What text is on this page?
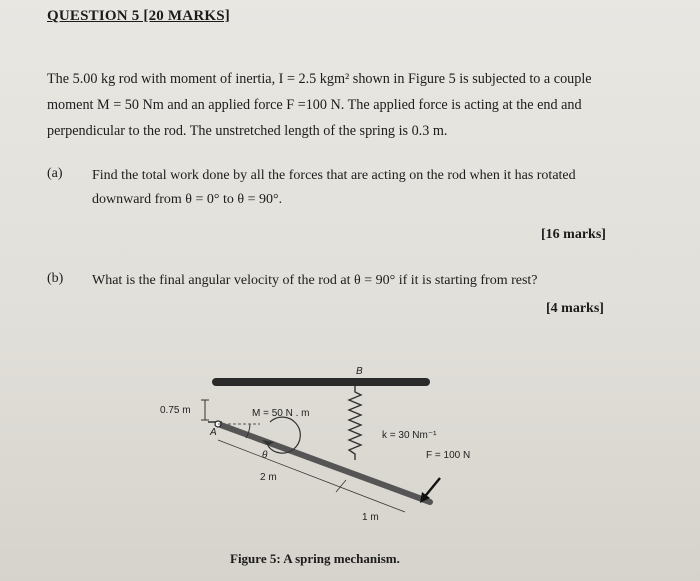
QUESTION 5 [20 MARKS]
The 5.00 kg rod with moment of inertia, I = 2.5 kgm² shown in Figure 5 is subjected to a couple moment M = 50 Nm and an applied force F =100 N. The applied force is acting at the end and perpendicular to the rod. The unstretched length of the spring is 0.3 m.
(a) Find the total work done by all the forces that are acting on the rod when it has rotated downward from θ = 0° to θ = 90°.
[16 marks]
(b) What is the final angular velocity of the rod at θ = 90° if it is starting from rest?
[4 marks]
0.75 m
B
A
M = 50 N . m
θ
k = 30 Nm⁻¹
F = 100 N
2 m
1 m
Figure 5: A spring mechanism.
